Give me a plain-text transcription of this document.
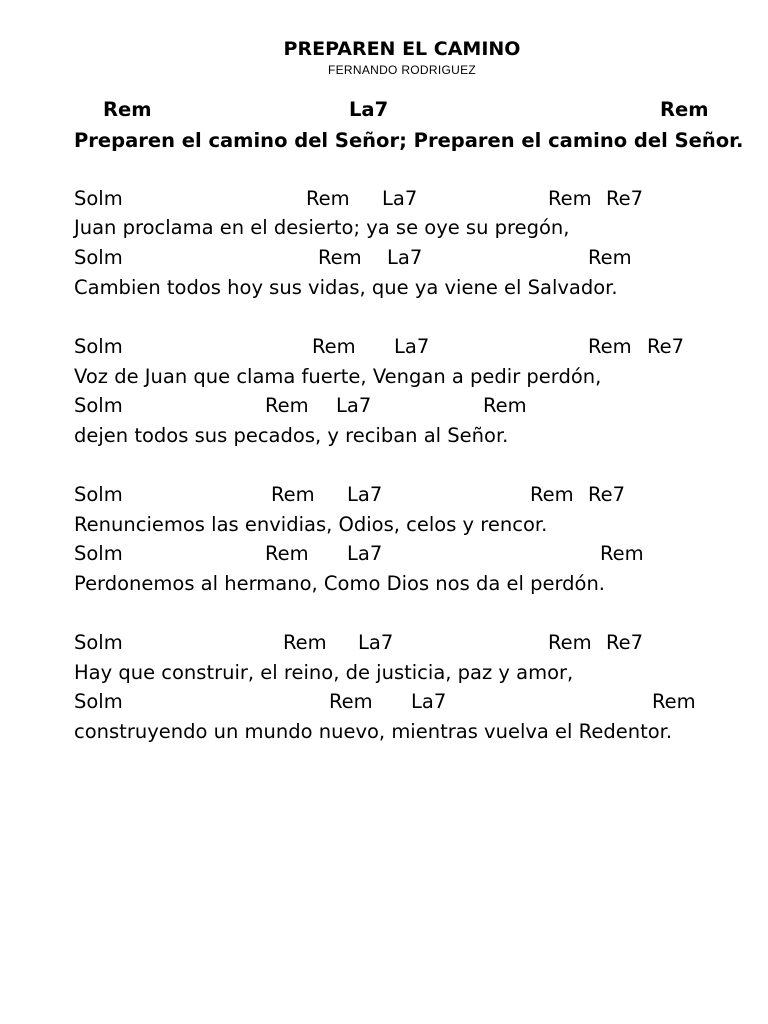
PREPAREN EL CAMINO
FERNANDO RODRIGUEZ
Rem	La7	Rem
Preparen el camino del Señor; Preparen el camino del Señor.
Solm	Rem La7	Rem Re7
Juan proclama en el desierto; ya se oye su pregón,
Solm	Rem La7	Rem
Cambien todos hoy sus vidas, que ya viene el Salvador.
Solm	Rem La7	Rem Re7
Voz de Juan que clama fuerte, Vengan a pedir perdón,
Solm	Rem La7	Rem
dejen todos sus pecados, y reciban al Señor.
Solm	Rem La7	Rem Re7
Renunciemos las envidias, Odios, celos y rencor.
Solm	Rem La7	Rem
Perdonemos al hermano, Como Dios nos da el perdón.
Solm	Rem La7	Rem Re7
Hay que construir, el reino, de justicia, paz y amor,
Solm	Rem La7	Rem
construyendo un mundo nuevo, mientras vuelva el Redentor.
